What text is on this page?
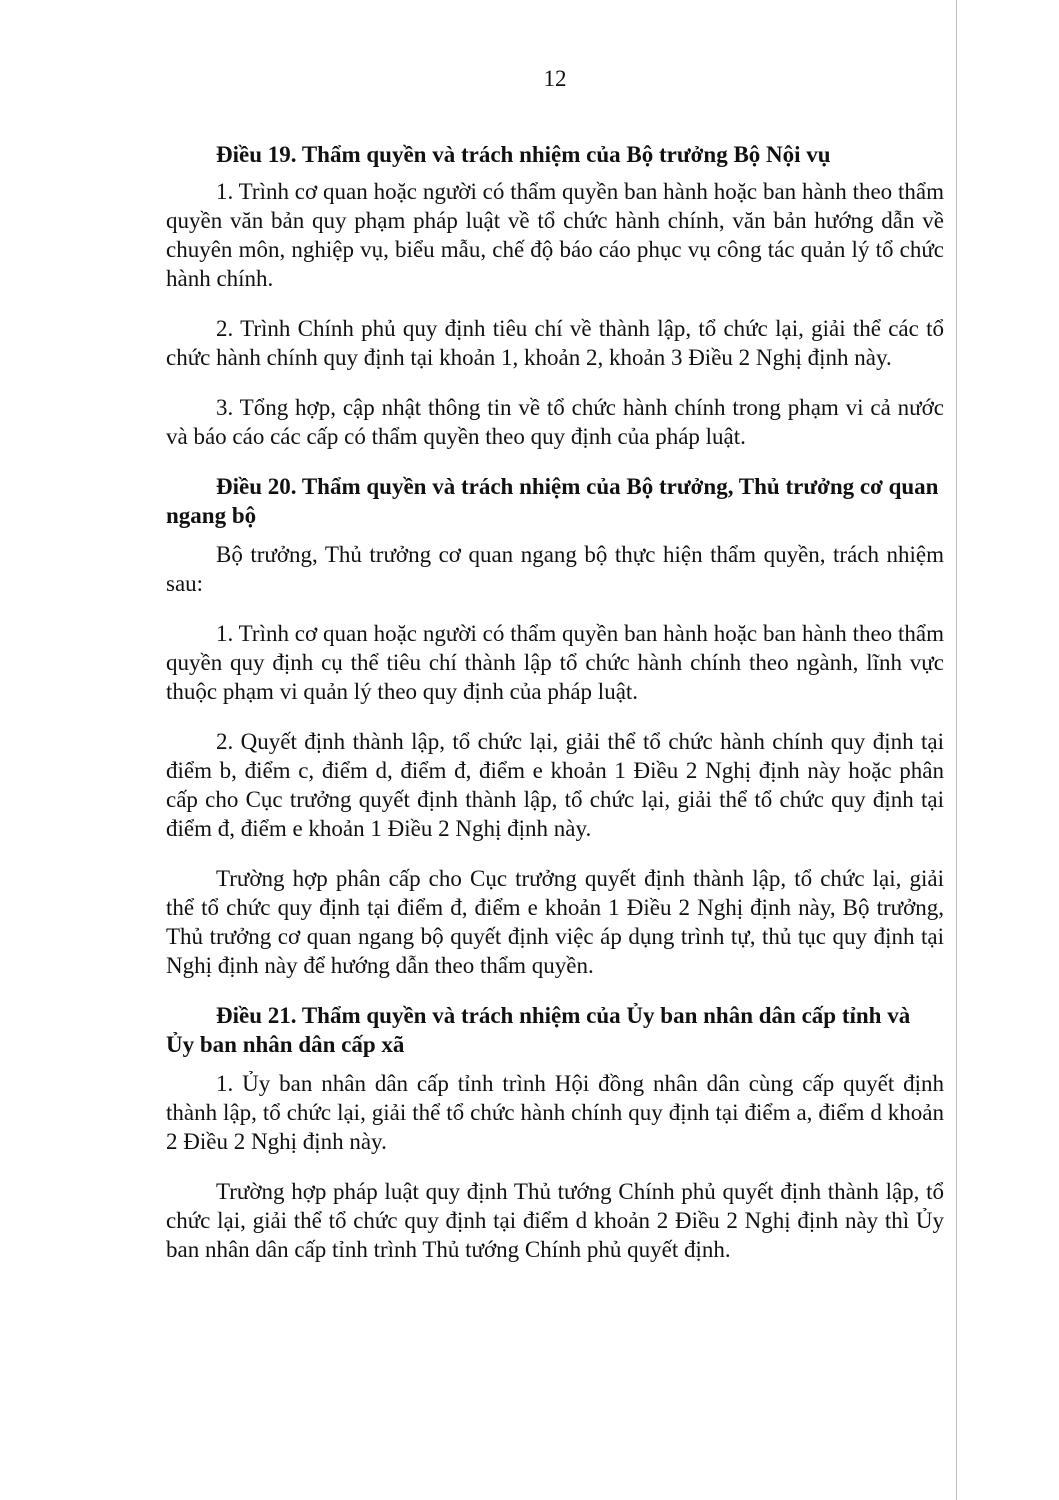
12
Điều 19. Thẩm quyền và trách nhiệm của Bộ trưởng Bộ Nội vụ

1. Trình cơ quan hoặc người có thẩm quyền ban hành hoặc ban hành theo thẩm quyền văn bản quy phạm pháp luật về tổ chức hành chính, văn bản hướng dẫn về chuyên môn, nghiệp vụ, biểu mẫu, chế độ báo cáo phục vụ công tác quản lý tổ chức hành chính.

2. Trình Chính phủ quy định tiêu chí về thành lập, tổ chức lại, giải thể các tổ chức hành chính quy định tại khoản 1, khoản 2, khoản 3 Điều 2 Nghị định này.

3. Tổng hợp, cập nhật thông tin về tổ chức hành chính trong phạm vi cả nước và báo cáo các cấp có thẩm quyền theo quy định của pháp luật.

Điều 20. Thẩm quyền và trách nhiệm của Bộ trưởng, Thủ trưởng cơ quan ngang bộ

Bộ trưởng, Thủ trưởng cơ quan ngang bộ thực hiện thẩm quyền, trách nhiệm sau:

1. Trình cơ quan hoặc người có thẩm quyền ban hành hoặc ban hành theo thẩm quyền quy định cụ thể tiêu chí thành lập tổ chức hành chính theo ngành, lĩnh vực thuộc phạm vi quản lý theo quy định của pháp luật.

2. Quyết định thành lập, tổ chức lại, giải thể tổ chức hành chính quy định tại điểm b, điểm c, điểm d, điểm đ, điểm e khoản 1 Điều 2 Nghị định này hoặc phân cấp cho Cục trưởng quyết định thành lập, tổ chức lại, giải thể tổ chức quy định tại điểm đ, điểm e khoản 1 Điều 2 Nghị định này.

Trường hợp phân cấp cho Cục trưởng quyết định thành lập, tổ chức lại, giải thể tổ chức quy định tại điểm đ, điểm e khoản 1 Điều 2 Nghị định này, Bộ trưởng, Thủ trưởng cơ quan ngang bộ quyết định việc áp dụng trình tự, thủ tục quy định tại Nghị định này để hướng dẫn theo thẩm quyền.

Điều 21. Thẩm quyền và trách nhiệm của Ủy ban nhân dân cấp tỉnh và Ủy ban nhân dân cấp xã

1. Ủy ban nhân dân cấp tỉnh trình Hội đồng nhân dân cùng cấp quyết định thành lập, tổ chức lại, giải thể tổ chức hành chính quy định tại điểm a, điểm d khoản 2 Điều 2 Nghị định này.

Trường hợp pháp luật quy định Thủ tướng Chính phủ quyết định thành lập, tổ chức lại, giải thể tổ chức quy định tại điểm d khoản 2 Điều 2 Nghị định này thì Ủy ban nhân dân cấp tỉnh trình Thủ tướng Chính phủ quyết định.
